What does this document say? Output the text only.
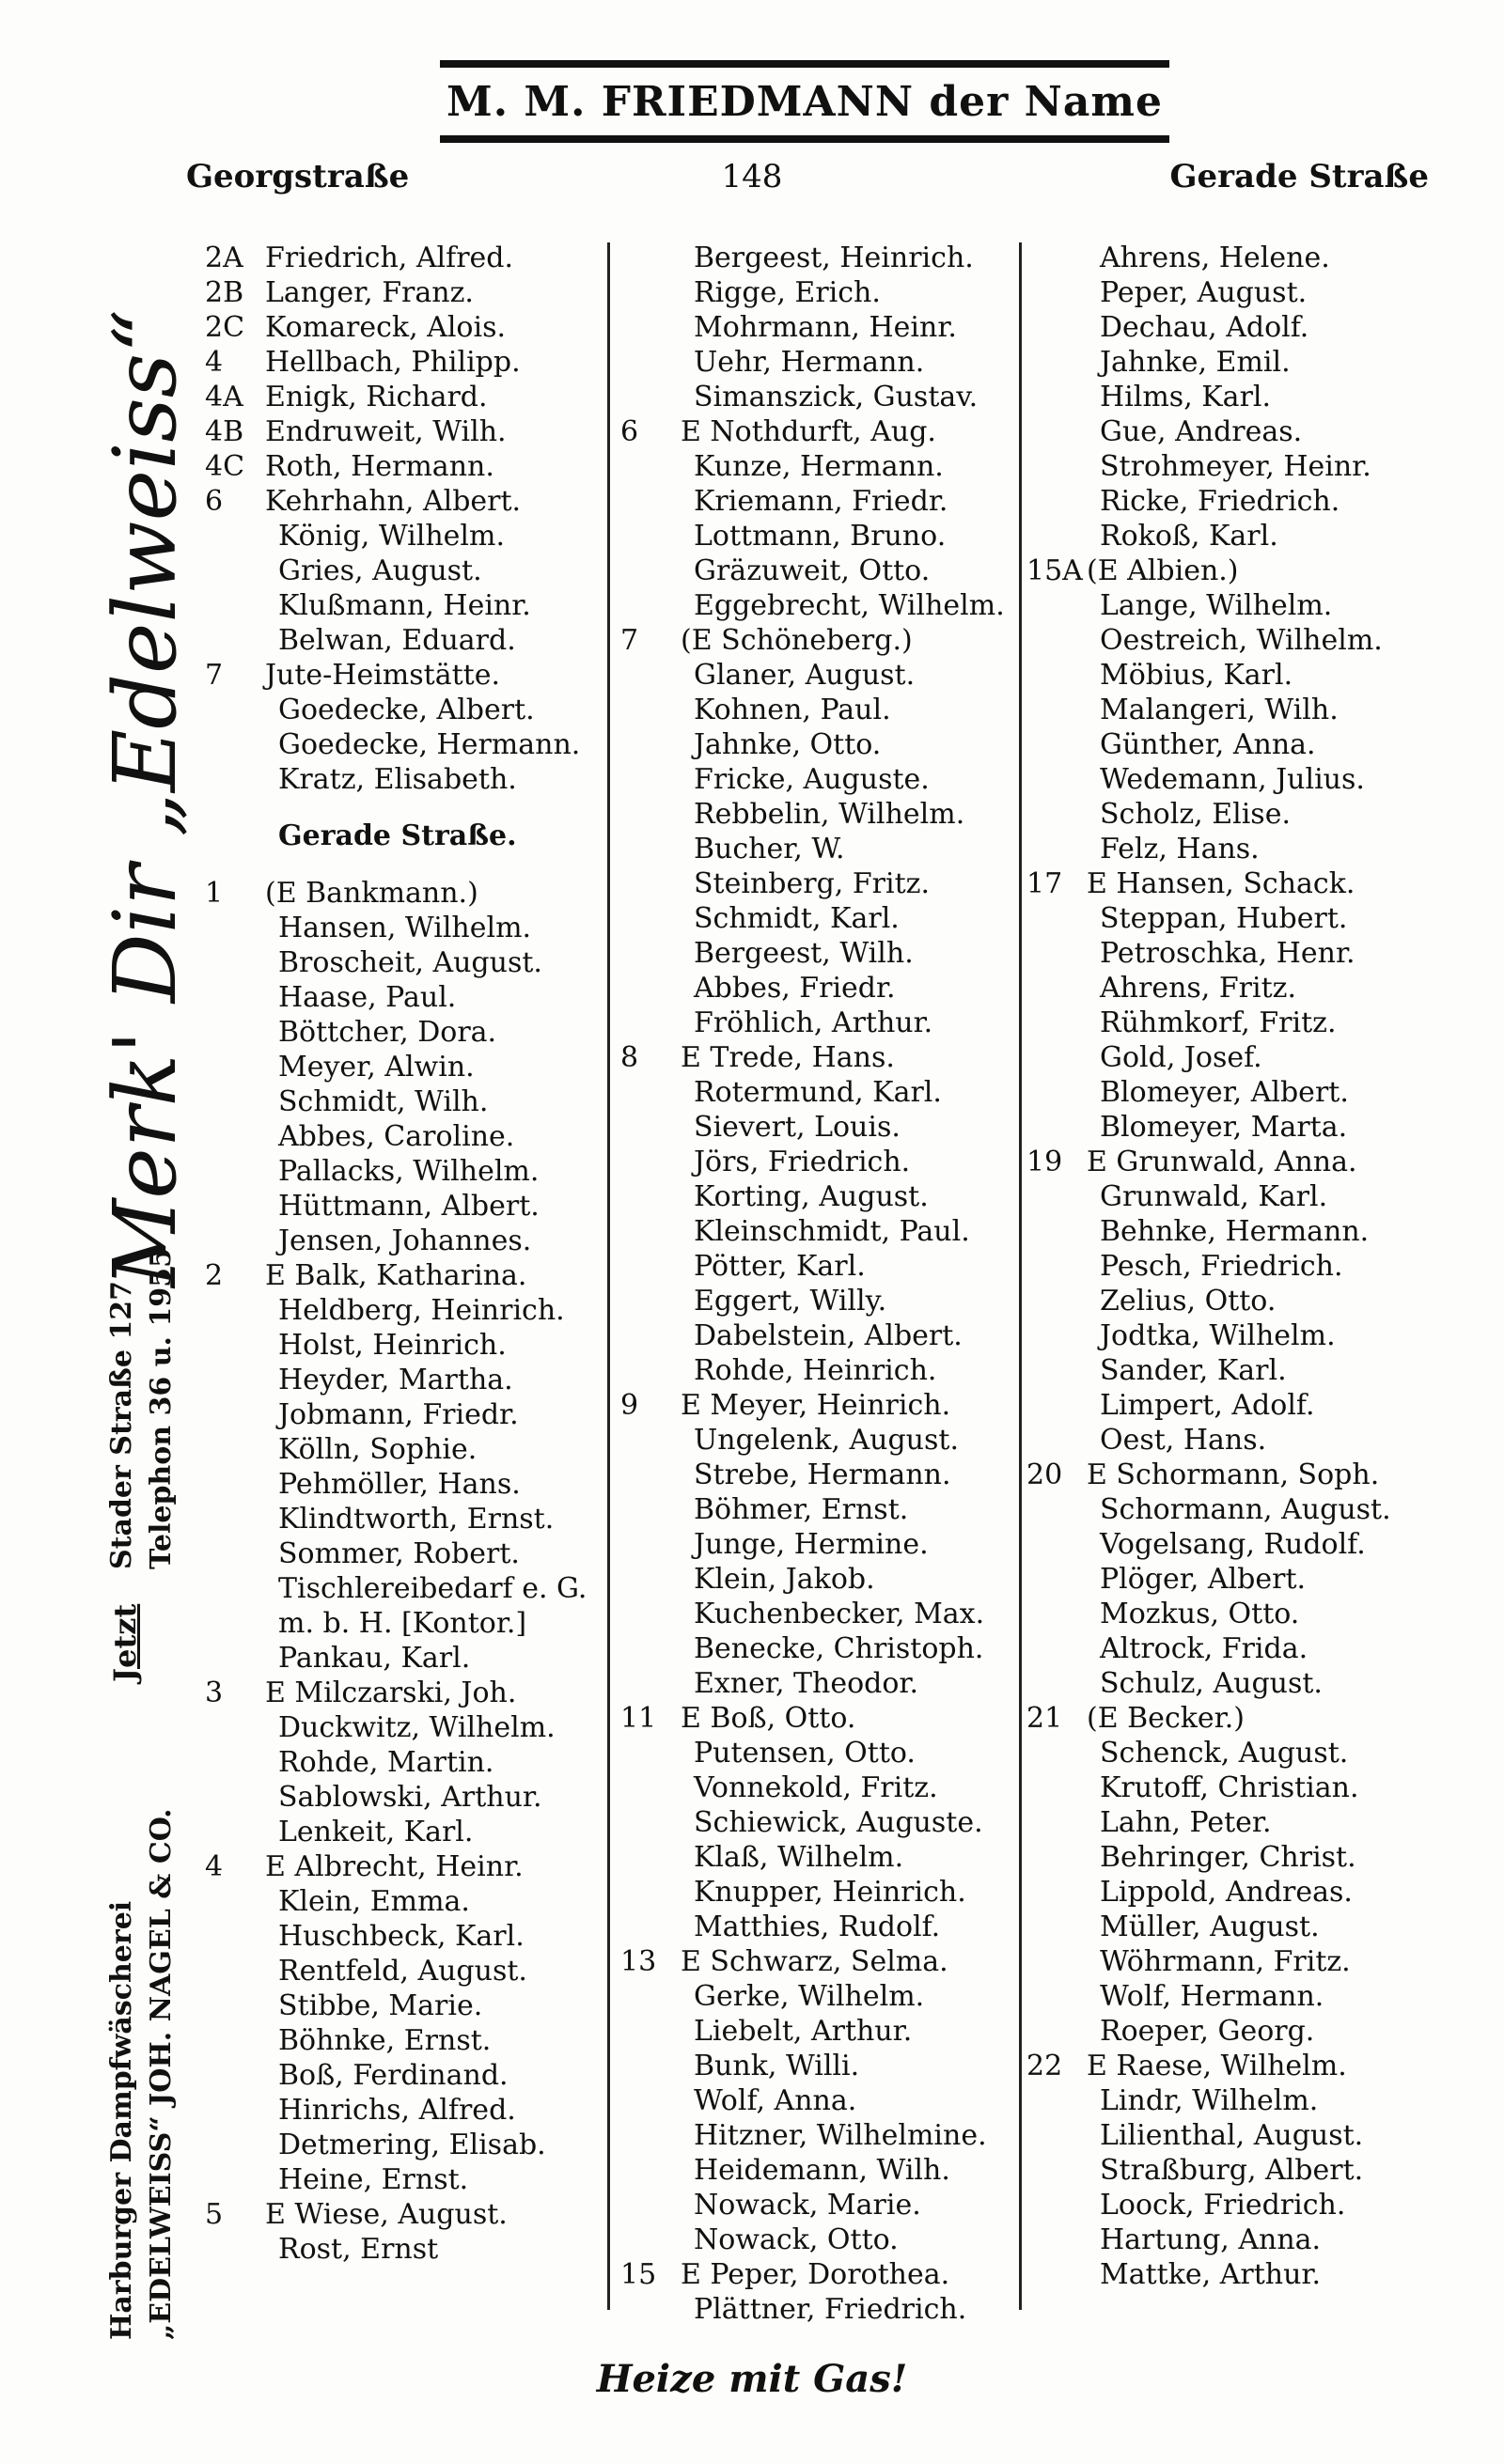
M. M. FRIEDMANN der Name
Georgstraße	148	Gerade Straße
Harburger Dampfwäscherei „EDELWEISS“ JOH. NAGEL & CO.
Jetzt
Stader Straße 127 Telephon 36 u. 1955
Merk' Dir „Edelweiss“
2A Friedrich, Alfred.
2B Langer, Franz.
2C Komareck, Alois.
4	Hellbach, Philipp.
4A Enigk, Richard.
4B Endruweit, Wilh.
4C Roth, Hermann.
6	Kehrhahn, Albert.
König, Wilhelm.
Gries, August.
Klußmann, Heinr.
Belwan, Eduard.
7	Jute-Heimstätte.
Goedecke, Albert.
Goedecke, Hermann.
Kratz, Elisabeth.
Gerade Straße.
1	(E Bankmann.)
Hansen, Wilhelm.
Broscheit, August.
Haase, Paul.
Böttcher, Dora.
Meyer, Alwin.
Schmidt, Wilh.
Abbes, Caroline.
Pallacks, Wilhelm.
Hüttmann, Albert.
Jensen, Johannes.
2	E Balk, Katharina.
Heldberg, Heinrich.
Holst, Heinrich.
Heyder, Martha.
Jobmann, Friedr.
Kölln, Sophie.
Pehmöller, Hans.
Klindtworth, Ernst.
Sommer, Robert.
Tischlereibedarf e. G.
m. b. H. [Kontor.]
Pankau, Karl.
3	E Milczarski, Joh.
Duckwitz, Wilhelm.
Rohde, Martin.
Sablowski, Arthur.
Lenkeit, Karl.
4	E Albrecht, Heinr.
Klein, Emma.
Huschbeck, Karl.
Rentfeld, August.
Stibbe, Marie.
Böhnke, Ernst.
Boß, Ferdinand.
Hinrichs, Alfred.
Detmering, Elisab.
Heine, Ernst.
5	E Wiese, August.
Rost, Ernst
Bergeest, Heinrich.
Rigge, Erich.
Mohrmann, Heinr.
Uehr, Hermann.
Simanszick, Gustav.
6	E Nothdurft, Aug.
Kunze, Hermann.
Kriemann, Friedr.
Lottmann, Bruno.
Gräzuweit, Otto.
Eggebrecht, Wilhelm.
7	(E Schöneberg.)
Glaner, August.
Kohnen, Paul.
Jahnke, Otto.
Fricke, Auguste.
Rebbelin, Wilhelm.
Bucher, W.
Steinberg, Fritz.
Schmidt, Karl.
Bergeest, Wilh.
Abbes, Friedr.
Fröhlich, Arthur.
8	E Trede, Hans.
Rotermund, Karl.
Sievert, Louis.
Jörs, Friedrich.
Korting, August.
Kleinschmidt, Paul.
Pötter, Karl.
Eggert, Willy.
Dabelstein, Albert.
Rohde, Heinrich.
9	E Meyer, Heinrich.
Ungelenk, August.
Strebe, Hermann.
Böhmer, Ernst.
Junge, Hermine.
Klein, Jakob.
Kuchenbecker, Max.
Benecke, Christoph.
Exner, Theodor.
11 E Boß, Otto.
Putensen, Otto.
Vonnekold, Fritz.
Schiewick, Auguste.
Klaß, Wilhelm.
Knupper, Heinrich.
Matthies, Rudolf.
13 E Schwarz, Selma.
Gerke, Wilhelm.
Liebelt, Arthur.
Bunk, Willi.
Wolf, Anna.
Hitzner, Wilhelmine.
Heidemann, Wilh.
Nowack, Marie.
Nowack, Otto.
15 E Peper, Dorothea.
Plättner, Friedrich.
Ahrens, Helene.
Peper, August.
Dechau, Adolf.
Jahnke, Emil.
Hilms, Karl.
Gue, Andreas.
Strohmeyer, Heinr.
Ricke, Friedrich.
Rokoß, Karl.
15A (E Albien.)
Lange, Wilhelm.
Oestreich, Wilhelm.
Möbius, Karl.
Malangeri, Wilh.
Günther, Anna.
Wedemann, Julius.
Scholz, Elise.
Felz, Hans.
17 E Hansen, Schack.
Steppan, Hubert.
Petroschka, Henr.
Ahrens, Fritz.
Rühmkorf, Fritz.
Gold, Josef.
Blomeyer, Albert.
Blomeyer, Marta.
19 E Grunwald, Anna.
Grunwald, Karl.
Behnke, Hermann.
Pesch, Friedrich.
Zelius, Otto.
Jodtka, Wilhelm.
Sander, Karl.
Limpert, Adolf.
Oest, Hans.
20 E Schormann, Soph.
Schormann, August.
Vogelsang, Rudolf.
Plöger, Albert.
Mozkus, Otto.
Altrock, Frida.
Schulz, August.
21 (E Becker.)
Schenck, August.
Krutoff, Christian.
Lahn, Peter.
Behringer, Christ.
Lippold, Andreas.
Müller, August.
Wöhrmann, Fritz.
Wolf, Hermann.
Roeper, Georg.
22 E Raese, Wilhelm.
Lindr, Wilhelm.
Lilienthal, August.
Straßburg, Albert.
Loock, Friedrich.
Hartung, Anna.
Mattke, Arthur.
Heize mit Gas!
